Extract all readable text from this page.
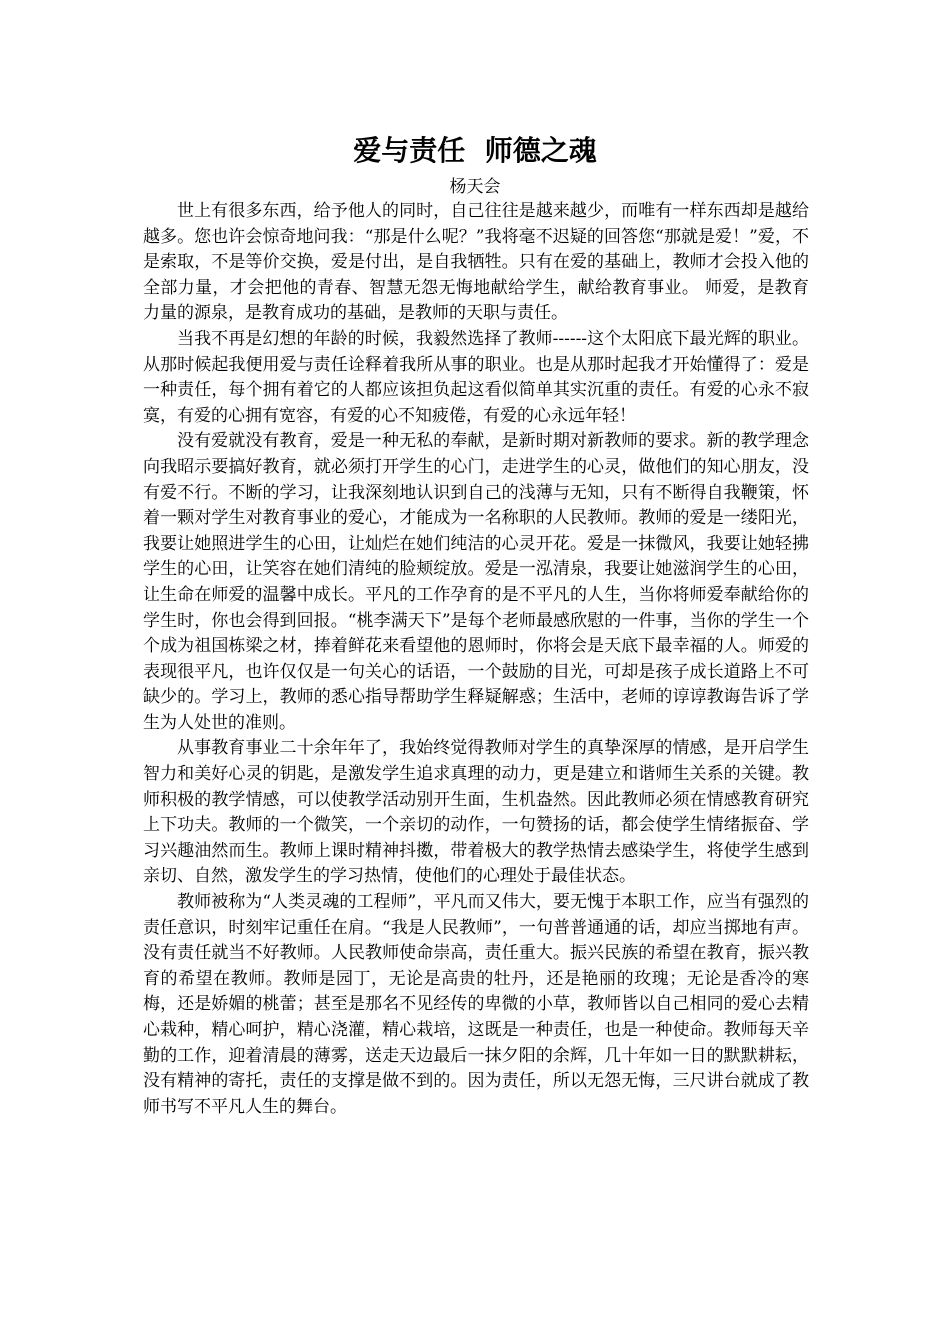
爱与责任  师德之魂
杨天会

世上有很多东西，给予他人的同时，自己往往是越来越少，而唯有一样东西却是越给越多。您也许会惊奇地问我：“那是什么呢？”我将毫不迟疑的回答您“那就是爱！”爱，不是索取，不是等价交换，爱是付出，是自我牺牲。只有在爱的基础上，教师才会投入他的全部力量，才会把他的青春、智慧无怨无悔地献给学生，献给教育事业。 师爱，是教育力量的源泉，是教育成功的基础，是教师的天职与责任。

当我不再是幻想的年龄的时候，我毅然选择了教师------这个太阳底下最光辉的职业。从那时候起我便用爱与责任诠释着我所从事的职业。也是从那时起我才开始懂得了：爱是一种责任，每个拥有着它的人都应该担负起这看似简单其实沉重的责任。有爱的心永不寂寞，有爱的心拥有宽容，有爱的心不知疲倦，有爱的心永远年轻！

没有爱就没有教育，爱是一种无私的奉献，是新时期对新教师的要求。新的教学理念向我昭示要搞好教育，就必须打开学生的心门，走进学生的心灵，做他们的知心朋友，没有爱不行。不断的学习，让我深刻地认识到自己的浅薄与无知，只有不断得自我鞭策，怀着一颗对学生对教育事业的爱心，才能成为一名称职的人民教师。教师的爱是一缕阳光，我要让她照进学生的心田，让灿烂在她们纯洁的心灵开花。爱是一抹微风，我要让她轻拂学生的心田，让笑容在她们清纯的脸颊绽放。爱是一泓清泉，我要让她滋润学生的心田，让生命在师爱的温馨中成长。平凡的工作孕育的是不平凡的人生，当你将师爱奉献给你的学生时，你也会得到回报。“桃李满天下”是每个老师最感欣慰的一件事，当你的学生一个个成为祖国栋梁之材，捧着鲜花来看望他的恩师时，你将会是天底下最幸福的人。师爱的表现很平凡，也许仅仅是一句关心的话语，一个鼓励的目光，可却是孩子成长道路上不可缺少的。学习上，教师的悉心指导帮助学生释疑解惑；生活中，老师的谆谆教诲告诉了学生为人处世的准则。

从事教育事业二十余年年了，我始终觉得教师对学生的真挚深厚的情感，是开启学生智力和美好心灵的钥匙，是激发学生追求真理的动力，更是建立和谐师生关系的关键。教师积极的教学情感，可以使教学活动别开生面，生机盎然。因此教师必须在情感教育研究上下功夫。教师的一个微笑，一个亲切的动作，一句赞扬的话，都会使学生情绪振奋、学习兴趣油然而生。教师上课时精神抖擞，带着极大的教学热情去感染学生，将使学生感到亲切、自然，激发学生的学习热情，使他们的心理处于最佳状态。

教师被称为“人类灵魂的工程师”，平凡而又伟大，要无愧于本职工作，应当有强烈的责任意识，时刻牢记重任在肩。“我是人民教师”，一句普普通通的话，却应当掷地有声。没有责任就当不好教师。人民教师使命崇高，责任重大。振兴民族的希望在教育，振兴教育的希望在教师。教师是园丁，无论是高贵的牡丹，还是艳丽的玫瑰；无论是香冷的寒梅，还是娇媚的桃蕾；甚至是那名不见经传的卑微的小草，教师皆以自己相同的爱心去精心栽种，精心呵护，精心浇灌，精心栽培，这既是一种责任，也是一种使命。教师每天辛勤的工作，迎着清晨的薄雾，送走天边最后一抹夕阳的余辉，几十年如一日的默默耕耘，没有精神的寄托，责任的支撑是做不到的。因为责任，所以无怨无悔，三尺讲台就成了教师书写不平凡人生的舞台。
